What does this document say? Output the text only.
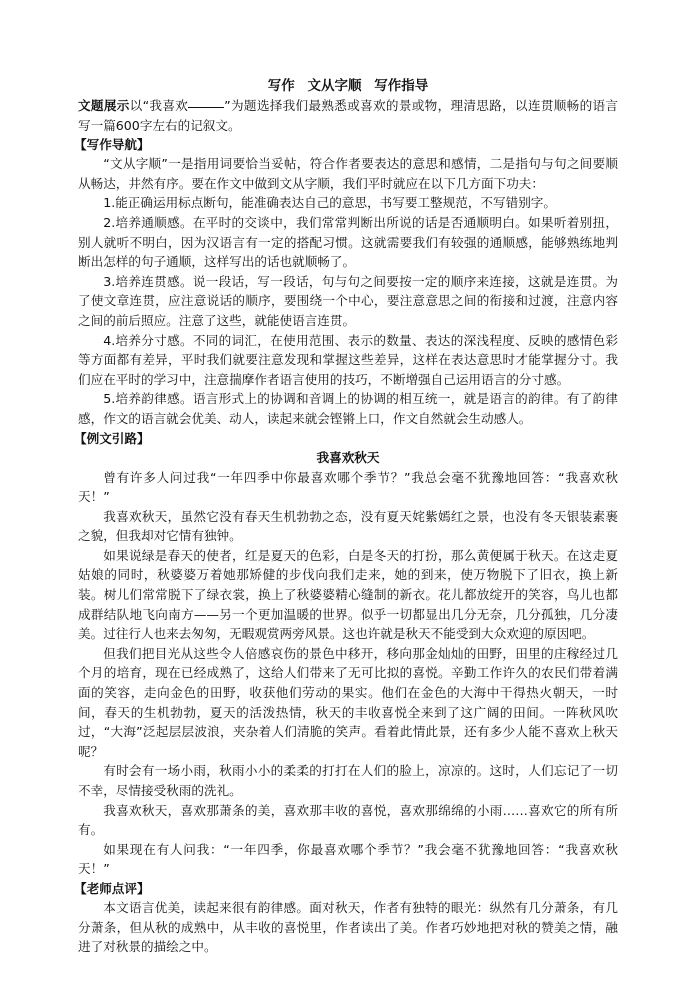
写作 文从字顺 写作指导

文题展示以“我喜欢	”为题选择我们最熟悉或喜欢的景或物，理清思路，以连贯顺畅的语言写一篇600字左右的记叙文。

【写作导航】

“文从字顺”一是指用词要恰当妥帖，符合作者要表达的意思和感情，二是指句与句之间要顺从畅达，井然有序。要在作文中做到文从字顺，我们平时就应在以下几方面下功夫：

1.能正确运用标点断句，能准确表达自己的意思，书写要工整规范，不写错别字。

2.培养通顺感。在平时的交谈中，我们常常判断出所说的话是否通顺明白。如果听着别扭，别人就听不明白，因为汉语言有一定的搭配习惯。这就需要我们有较强的通顺感，能够熟练地判断出怎样的句子通顺，这样写出的话也就顺畅了。

3.培养连贯感。说一段话，写一段话，句与句之间要按一定的顺序来连接，这就是连贯。为了使文章连贯，应注意说话的顺序，要围绕一个中心，要注意意思之间的衔接和过渡，注意内容之间的前后照应。注意了这些，就能使语言连贯。

4.培养分寸感。不同的词汇，在使用范围、表示的数量、表达的深浅程度、反映的感情色彩等方面都有差异，平时我们就要注意发现和掌握这些差异，这样在表达意思时才能掌握分寸。我们应在平时的学习中，注意揣摩作者语言使用的技巧，不断增强自己运用语言的分寸感。

5.培养韵律感。语言形式上的协调和音调上的协调的相互统一，就是语言的韵律。有了韵律感，作文的语言就会优美、动人，读起来就会铿锵上口，作文自然就会生动感人。

【例文引路】
我喜欢秋天

曾有许多人问过我“一年四季中你最喜欢哪个季节？”我总会毫不犹豫地回答：“我喜欢秋天！”

我喜欢秋天，虽然它没有春天生机勃勃之态，没有夏天姹紫嫣红之景，也没有冬天银装素裹之貌，但我却对它情有独钟。

如果说绿是春天的使者，红是夏天的色彩，白是冬天的打扮，那么黄便属于秋天。在这走夏姑娘的同时，秋婆婆万着她那矫健的步伐向我们走来，她的到来，使万物脱下了旧衣，换上新装。树儿们常常脱下了绿衣裳，换上了秋婆婆精心缝制的新衣。花儿都放绽开的笑容，鸟儿也都成群结队地飞向南方——另一个更加温暖的世界。似乎一切都显出几分无奈，几分孤独，几分凄美。过往行人也来去匆匆，无暇观赏两旁风景。这也许就是秋天不能受到大众欢迎的原因吧。

但我们把目光从这些令人倍感哀伤的景色中移开，移向那金灿灿的田野，田里的庄稼经过几个月的培育，现在已经成熟了，这给人们带来了无可比拟的喜悦。辛勤工作许久的农民们带着满面的笑容，走向金色的田野，收获他们劳动的果实。他们在金色的大海中干得热火朝天，一时间，春天的生机勃勃，夏天的活泼热情，秋天的丰收喜悦全来到了这广阔的田间。一阵秋风吹过，“大海”泛起层层波浪，夹杂着人们清脆的笑声。看着此情此景，还有多少人能不喜欢上秋天呢？

有时会有一场小雨，秋雨小小的柔柔的打打在人们的脸上，凉凉的。这时，人们忘记了一切不幸，尽情接受秋雨的洗礼。

我喜欢秋天，喜欢那萧条的美，喜欢那丰收的喜悦，喜欢那绵绵的小雨……喜欢它的所有所有。

如果现在有人问我：“一年四季，你最喜欢哪个季节？”我会毫不犹豫地回答：“我喜欢秋天！”

【老师点评】

本文语言优美，读起来很有韵律感。面对秋天，作者有独特的眼光：纵然有几分萧条，有几分萧条，但从秋的成熟中，从丰收的喜悦里，作者读出了美。作者巧妙地把对秋的赞美之情，融进了对秋景的描绘之中。
